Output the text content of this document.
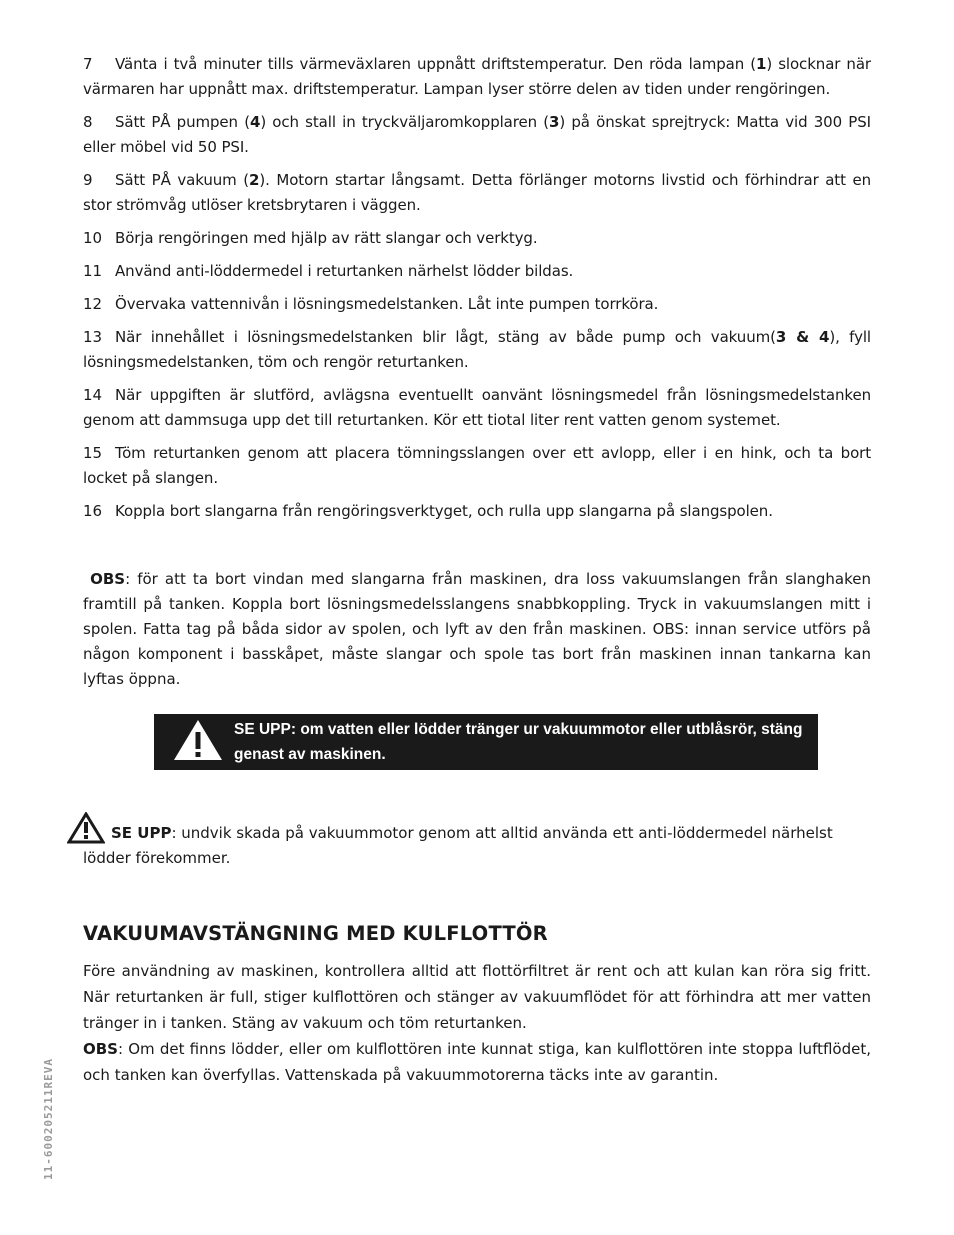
7 Vänta i två minuter tills värmeväxlaren uppnått driftstemperatur. Den röda lampan (1) slocknar när värmaren har uppnått max. driftstemperatur. Lampan lyser större delen av tiden under rengöringen.

8 Sätt PÅ pumpen (4) och stall in tryckväljaromkopplaren (3) på önskat sprejtryck: Matta vid 300 PSI eller möbel vid 50 PSI.

9 Sätt PÅ vakuum (2). Motorn startar långsamt. Detta förlänger motorns livstid och förhindrar att en stor strömvåg utlöser kretsbrytaren i väggen.

10 Börja rengöringen med hjälp av rätt slangar och verktyg.

11 Använd anti-löddermedel i returtanken närhelst lödder bildas.

12 Övervaka vattennivån i lösningsmedelstanken. Låt inte pumpen torrköra.

13 När innehållet i lösningsmedelstanken blir lågt, stäng av både pump och vakuum(3 & 4), fyll lösningsmedelstanken, töm och rengör returtanken.

14 När uppgiften är slutförd, avlägsna eventuellt oanvänt lösningsmedel från lösningsmedelstanken genom att dammsuga upp det till returtanken. Kör ett tiotal liter rent vatten genom systemet.

15 Töm returtanken genom att placera tömningsslangen over ett avlopp, eller i en hink, och ta bort locket på slangen.

16 Koppla bort slangarna från rengöringsverktyget, och rulla upp slangarna på slangspolen.

OBS: för att ta bort vindan med slangarna från maskinen, dra loss vakuumslangen från slanghaken framtill på tanken. Koppla bort lösningsmedelsslangens snabbkoppling. Tryck in vakuumslangen mitt i spolen. Fatta tag på båda sidor av spolen, och lyft av den från maskinen. OBS: innan service utförs på någon komponent i basskåpet, måste slangar och spole tas bort från maskinen innan tankarna kan lyftas öppna.
SE UPP: om vatten eller lödder tränger ur vakuummotor eller utblåsrör, stäng genast av maskinen.
SE UPP: undvik skada på vakuummotor genom att alltid använda ett anti-löddermedel närhelst
lödder förekommer.
VAKUUMAVSTÄNGNING MED KULFLOTTÖR

Före användning av maskinen, kontrollera alltid att flottörfiltret är rent och att kulan kan röra sig fritt. När returtanken är full, stiger kulflottören och stänger av vakuumflödet för att förhindra att mer vatten tränger in i tanken. Stäng av vakuum och töm returtanken.

OBS: Om det finns lödder, eller om kulflottören inte kunnat stiga, kan kulflottören inte stoppa luftflödet, och tanken kan överfyllas. Vattenskada på vakuummotorerna täcks inte av garantin.

11-600205211REVA
